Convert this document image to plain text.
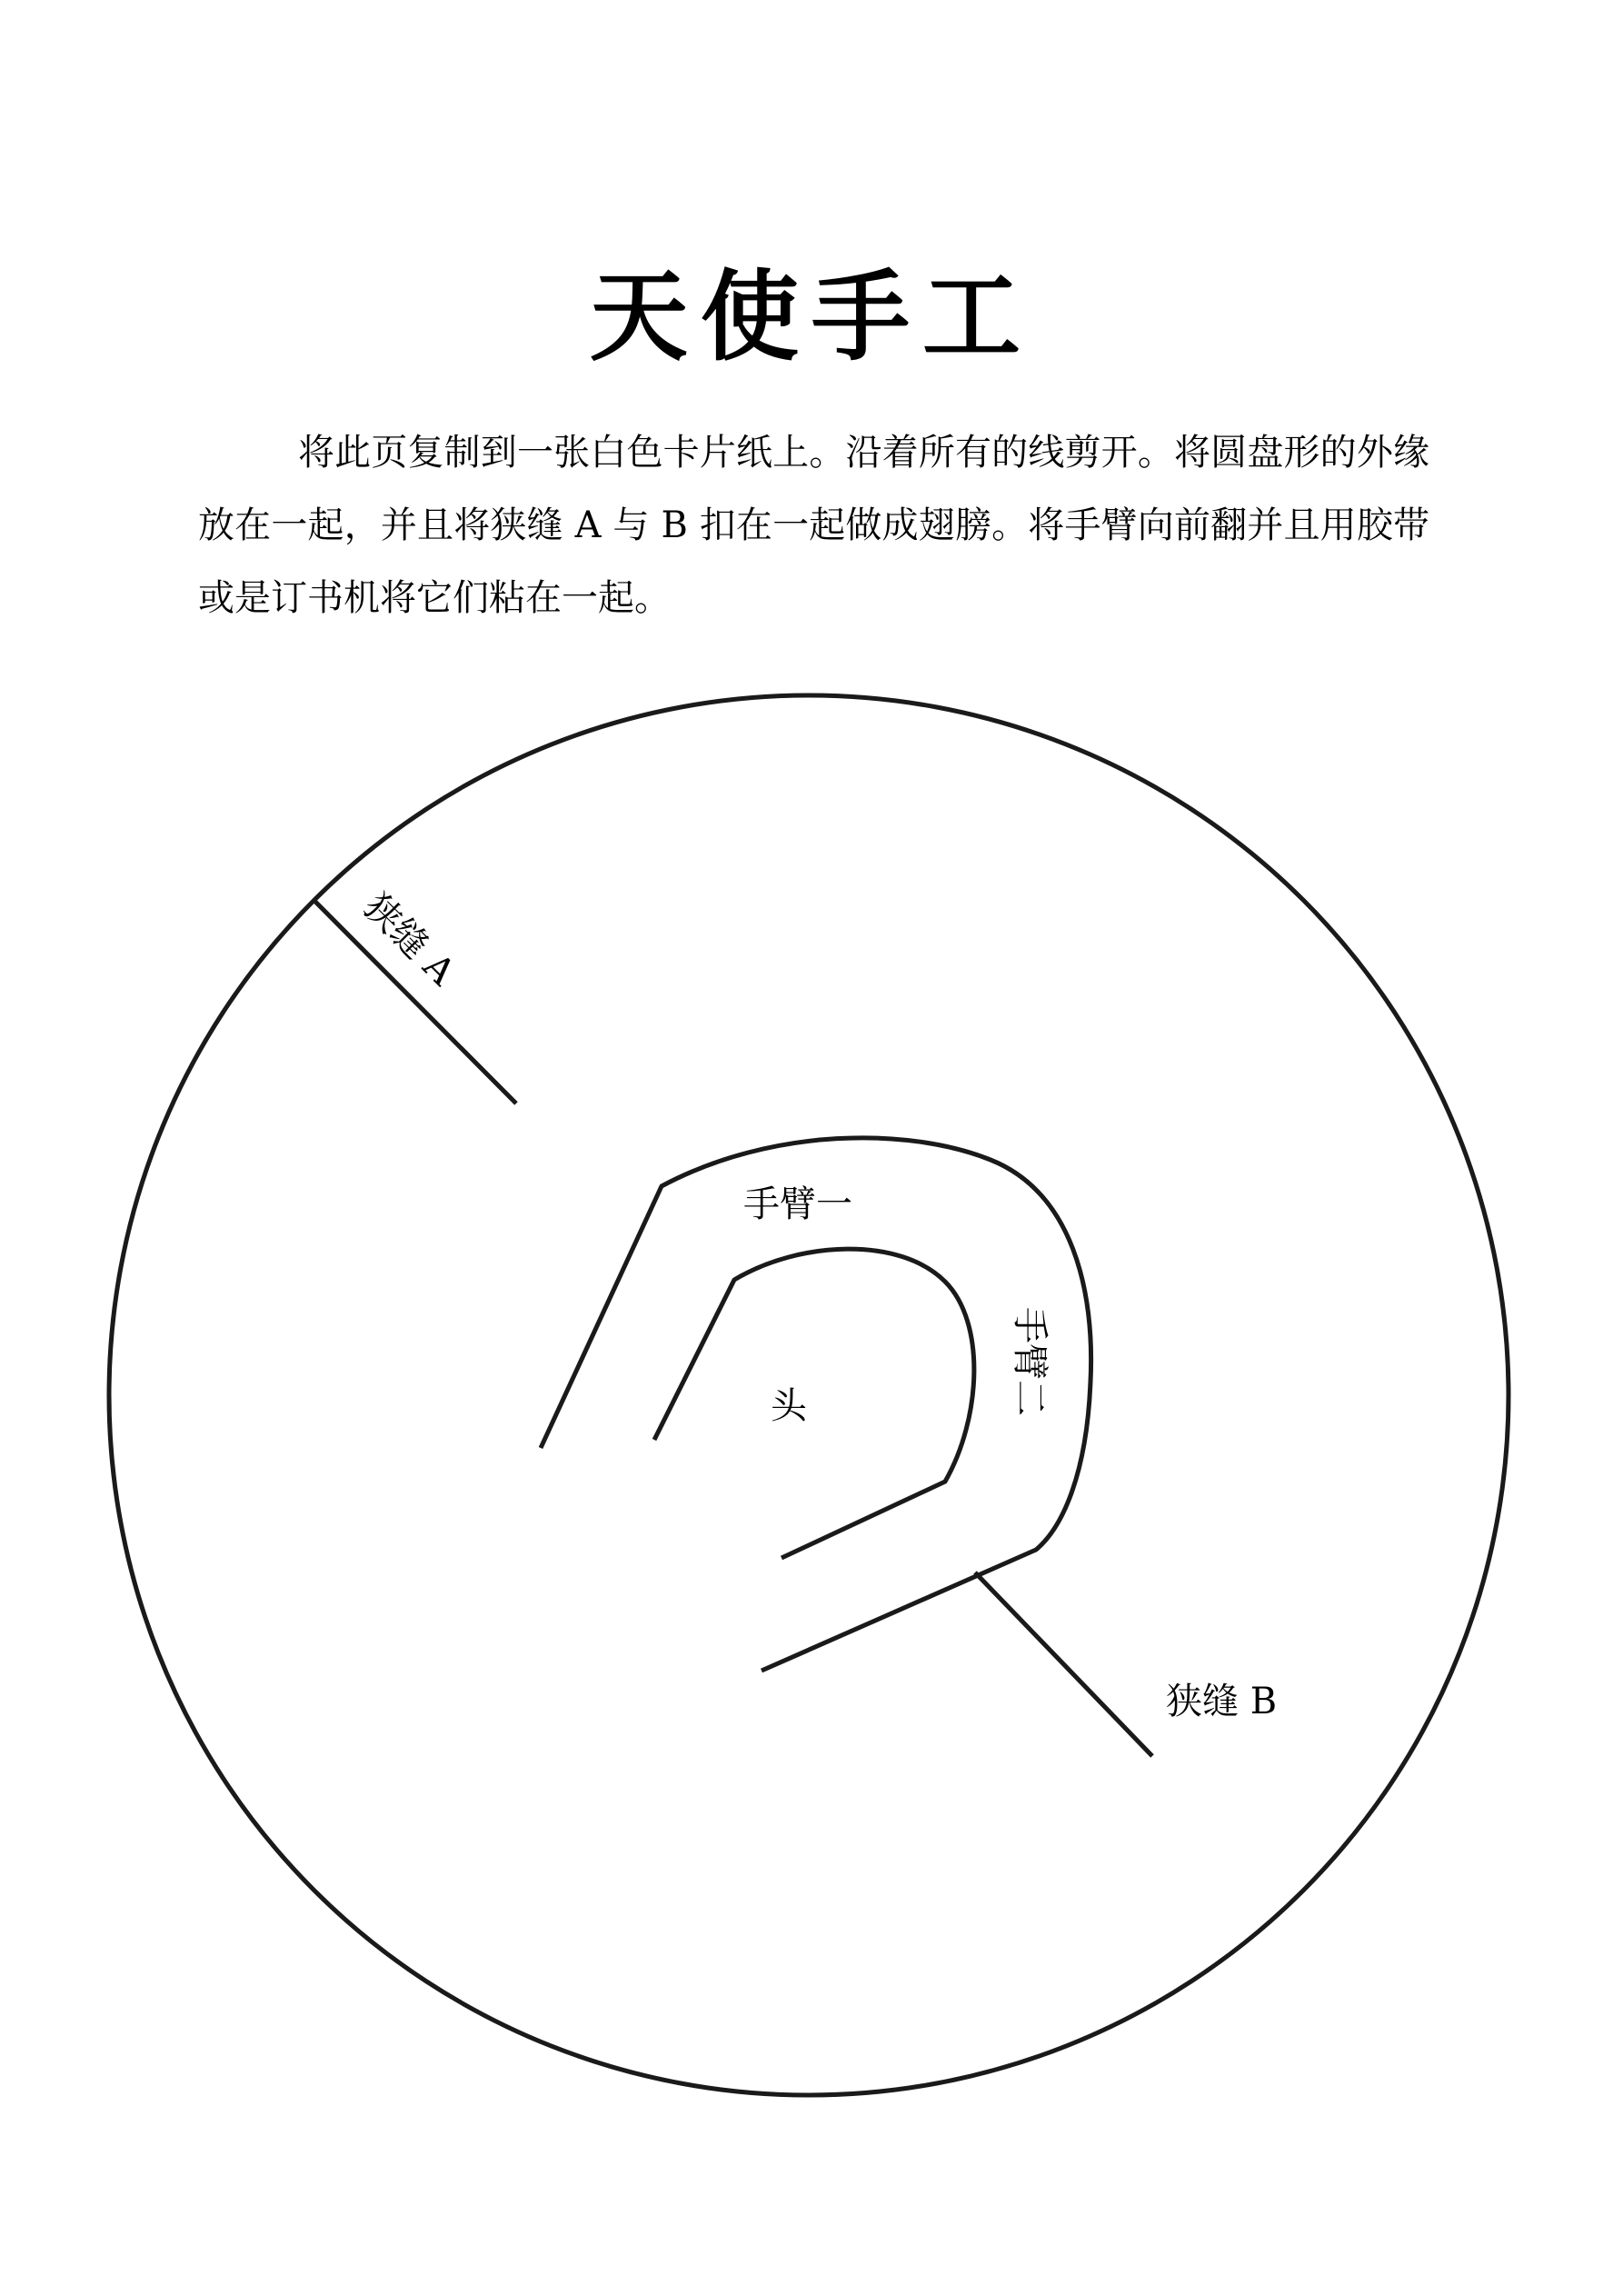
天使手工
将此页复制到一张白色卡片纸上。沿着所有的线剪开。将圆盘形的外缘放在一起，并且将狭缝 A 与 B 扣在一起做成翅膀。将手臂向前翻并且用胶带或是订书机将它们粘在一起。
狭缝 A
手臂一
手臂二
头
狭缝 B
